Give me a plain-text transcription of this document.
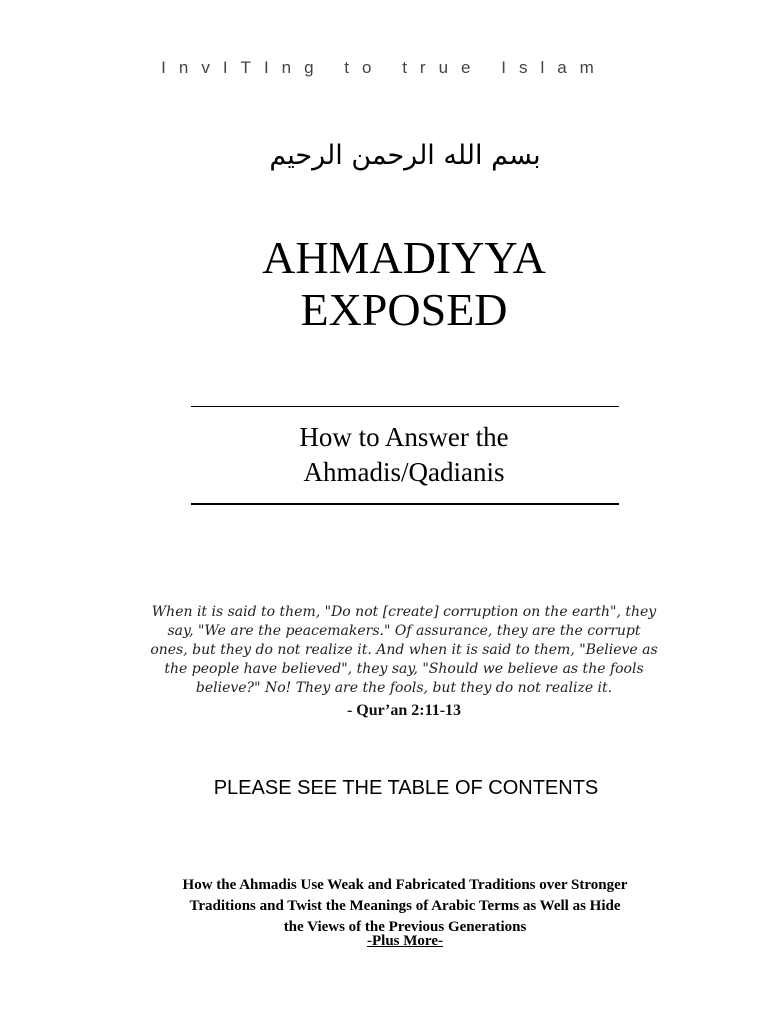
InvITIng to true Islam
بسم الله الرحمن الرحيم
AHMADIYYA
EXPOSED
How to Answer the
Ahmadis/Qadianis
When it is said to them, "Do not [create] corruption on the earth", they
say, "We are the peacemakers." Of assurance, they are the corrupt
ones, but they do not realize it. And when it is said to them, "Believe as
the people have believed", they say, "Should we believe as the fools
believe?" No! They are the fools, but they do not realize it.
- Qur’an 2:11-13
PLEASE SEE THE TABLE OF CONTENTS
How the Ahmadis Use Weak and Fabricated Traditions over Stronger
Traditions and Twist the Meanings of Arabic Terms as Well as Hide
the Views of the Previous Generations
-Plus More-
